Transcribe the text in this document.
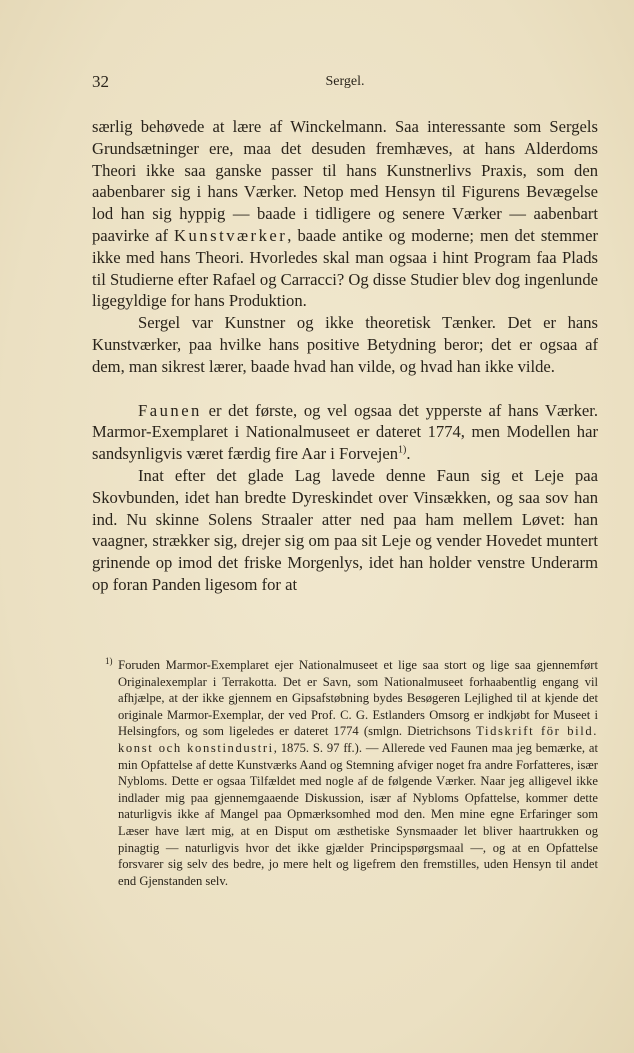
32	Sergel.

særlig behøvede at lære af Winckelmann. Saa interessante som Sergels Grundsætninger ere, maa det desuden fremhæves, at hans Alderdoms Theori ikke saa ganske passer til hans Kunstnerlivs Praxis, som den aabenbarer sig i hans Værker. Netop med Hensyn til Figurens Bevægelse lod han sig hyppig — baade i tidligere og senere Værker — aabenbart paavirke af Kunstværker, baade antike og moderne; men det stemmer ikke med hans Theori. Hvorledes skal man ogsaa i hint Program faa Plads til Studierne efter Rafael og Carracci? Og disse Studier blev dog ingenlunde ligegyldige for hans Produktion.

Sergel var Kunstner og ikke theoretisk Tænker. Det er hans Kunstværker, paa hvilke hans positive Betydning beror; det er ogsaa af dem, man sikrest lærer, baade hvad han vilde, og hvad han ikke vilde.

Faunen er det første, og vel ogsaa det ypperste af hans Værker. Marmor-Exemplaret i Nationalmuseet er dateret 1774, men Modellen har sandsynligvis været færdig fire Aar i Forvejen$^{1)}$.

Inat efter det glade Lag lavede denne Faun sig et Leje paa Skovbunden, idet han bredte Dyreskindet over Vinsækken, og saa sov han ind. Nu skinne Solens Straaler atter ned paa ham mellem Løvet: han vaagner, strækker sig, drejer sig om paa sit Leje og vender Hovedet muntert grinende op imod det friske Morgenlys, idet han holder venstre Underarm op foran Panden ligesom for at

$^{1)}$ Foruden Marmor-Exemplaret ejer Nationalmuseet et lige saa stort og lige saa gjennemført Originalexemplar i Terrakotta. Det er Savn, som Nationalmuseet forhaabentlig engang vil afhjælpe, at der ikke gjennem en Gipsafstøbning bydes Besøgeren Lejlighed til at kjende det originale Marmor-Exemplar, der ved Prof. C. G. Estlanders Omsorg er indkjøbt for Museet i Helsingfors, og som ligeledes er dateret 1774 (smlgn. Dietrichsons Tidskrift för bild. konst och konstindustri, 1875. S. 97 ff.). — Allerede ved Faunen maa jeg bemærke, at min Opfattelse af dette Kunstværks Aand og Stemning afviger noget fra andre Forfatteres, især Nybloms. Dette er ogsaa Tilfældet med nogle af de følgende Værker. Naar jeg alligevel ikke indlader mig paa gjennemgaaende Diskussion, især af Nybloms Opfattelse, kommer dette naturligvis ikke af Mangel paa Opmærksomhed mod den. Men mine egne Erfaringer som Læser have lært mig, at en Disput om æsthetiske Synsmaader let bliver haartrukken og pinagtig — naturligvis hvor det ikke gjælder Principspørgsmaal —, og at en Opfattelse forsvarer sig selv des bedre, jo mere helt og ligefrem den fremstilles, uden Hensyn til andet end Gjenstanden selv.
